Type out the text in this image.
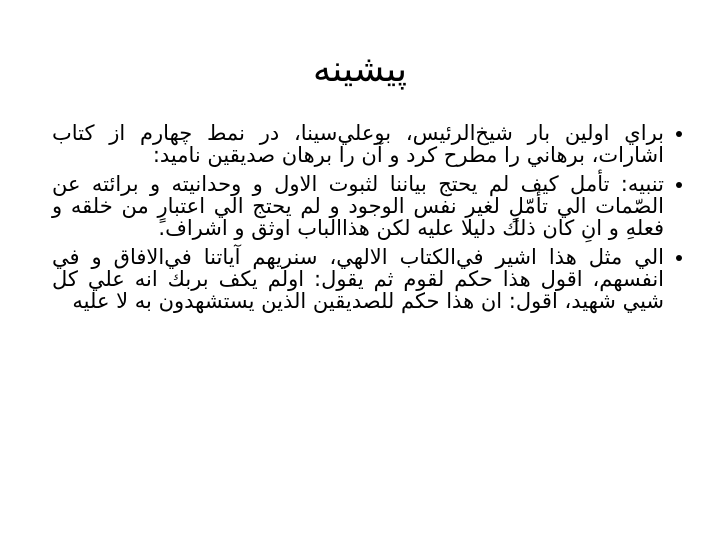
پيشينه
براي اولين بار شيخ‌الرئيس، بوعلي‌سينا، در نمط چهارم از كتاب اشارات، برهاني را مطرح كرد و آن را برهان صديقين ناميد:
تنبيه: تأمل كيف لم يحتج بياننا لثبوت الاول و وحدانيته و برائته عن الصّمات الي تأمّلٍ لغير نفس الوجود و لم يحتج الي اعتبارٍ من خلقه و فعلهِ و انِ كان ذلك دليلا عليه لكن هذاالباب اوثق و اشراف.
الي مثل هذا اشير في‌الكتاب الالهي، سنريهم آياتنا في‌الافاق و في انفسهم، اقول هذا حكم لقوم ثم يقول: اولم يكف بربك انه علي كل شيي شهيد، اقول: ان هذا حكم للصديقين الذين يستشهدون به لا عليه
